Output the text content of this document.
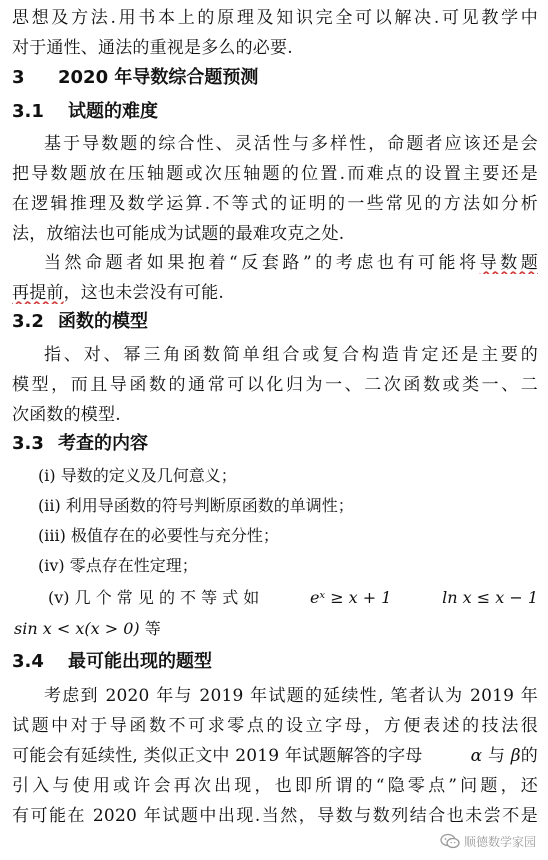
思想及方法.用书本上的原理及知识完全可以解决.可见教学中
对于通性、通法的重视是多么的必要.
3 2020 年导数综合题预测
3.1 试题的难度
基于导数题的综合性、灵活性与多样性，命题者应该还是会
把导数题放在压轴题或次压轴题的位置.而难点的设置主要还是
在逻辑推理及数学运算.不等式的证明的一些常见的方法如分析
法，放缩法也可能成为试题的最难攻克之处.
当然命题者如果抱着“反套路”的考虑也有可能将导数题
再提前，这也未尝没有可能.
3.2 函数的模型
指、对、幂三角函数简单组合或复合构造肯定还是主要的
模型，而且导函数的通常可以化归为一、二次函数或类一、二
次函数的模型.
3.3 考查的内容
(i) 导数的定义及几何意义；
(ii) 利用导函数的符号判断原函数的单调性；
(iii) 极值存在的必要性与充分性；
(iv) 零点存在性定理；
(v) 几 个 常 见 的 不 等 式 如	eˣ ≥ x + 1	ln x ≤ x − 1
sin x < x(x > 0) 等
3.4 最可能出现的题型
考虑到 2020 年与 2019 年试题的延续性, 笔者认为 2019 年
试题中对于导函数不可求零点的设立字母，方便表述的技法很
可能会有延续性, 类似正文中 2019 年试题解答的字母	α 与 β的
引入与使用或许会再次出现，也即所谓的“隐零点”问题，还
有可能在 2020 年试题中出现.当然，导数与数列结合也未尝不是
顺德数学家园
